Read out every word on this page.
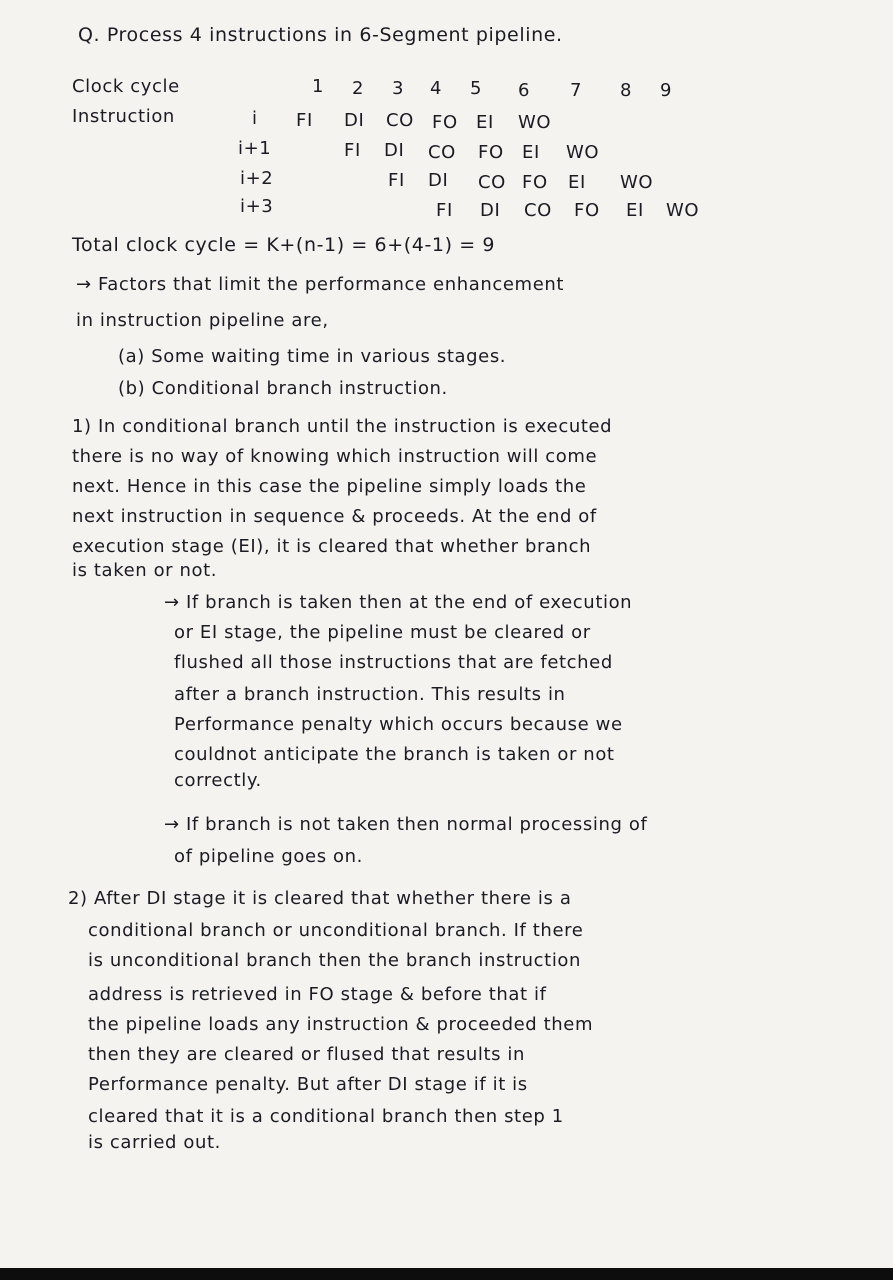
Q. Process 4 instructions in 6-Segment pipeline.
Clock cycle
Instruction
1 2 3 4 5 6 7 8 9
i
i+1
i+2
i+3
FI DI CO FO EI WO
FI DI CO FO EI WO
FI DI CO FO EI WO
FI DI CO FO EI WO
Total clock cycle = K+(n-1) = 6+(4-1) = 9
→ Factors that limit the performance enhancement
in instruction pipeline are,
(a) Some waiting time in various stages.
(b) Conditional branch instruction.
1) In conditional branch until the instruction is executed
there is no way of knowing which instruction will come
next. Hence in this case the pipeline simply loads the
next instruction in sequence & proceeds. At the end of
execution stage (EI), it is cleared that whether branch
is taken or not.
→ If branch is taken then at the end of execution
or EI stage, the pipeline must be cleared or
flushed all those instructions that are fetched
after a branch instruction. This results in
Performance penalty which occurs because we
couldnot anticipate the branch is taken or not
correctly.
→ If branch is not taken then normal processing of
of pipeline goes on.
2) After DI stage it is cleared that whether there is a
conditional branch or unconditional branch. If there
is unconditional branch then the branch instruction
address is retrieved in FO stage & before that if
the pipeline loads any instruction & proceeded them
then they are cleared or flused that results in
Performance penalty. But after DI stage if it is
cleared that it is a conditional branch then step 1
is carried out.
